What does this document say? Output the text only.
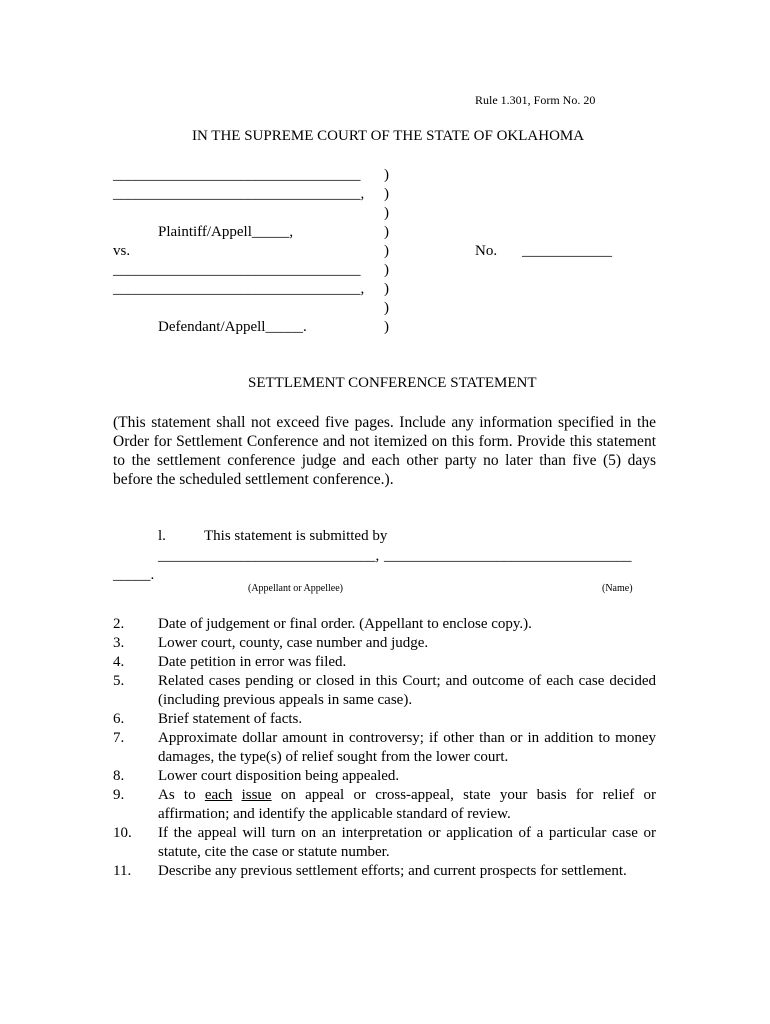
Rule 1.301, Form No. 20
IN THE SUPREME COURT OF THE STATE OF OKLAHOMA
_________________________________
_________________________________,
Plaintiff/Appell_____,
vs.
_________________________________
_________________________________,
Defendant/Appell_____.
)
)
)
)
)
)
)
)
)
No. ____________
SETTLEMENT CONFERENCE STATEMENT
(This statement shall not exceed five pages. Include any information specified in the Order for Settlement Conference and not itemized on this form. Provide this statement to the settlement conference judge and each other party no later than five (5) days before the scheduled settlement conference.).
l.	This statement is submitted by
_____________________________, _________________________________
_____.
(Appellant or Appellee)	(Name)
2.	Date of judgement or final order. (Appellant to enclose copy.).
3.	Lower court, county, case number and judge.
4.	Date petition in error was filed.
5.	Related cases pending or closed in this Court; and outcome of each case decided (including previous appeals in same case).
6.	Brief statement of facts.
7.	Approximate dollar amount in controversy; if other than or in addition to money damages, the type(s) of relief sought from the lower court.
8.	Lower court disposition being appealed.
9.	As to each issue on appeal or cross-appeal, state your basis for relief or affirmation; and identify the applicable standard of review.
10.	If the appeal will turn on an interpretation or application of a particular case or statute, cite the case or statute number.
11.	Describe any previous settlement efforts; and current prospects for settlement.
